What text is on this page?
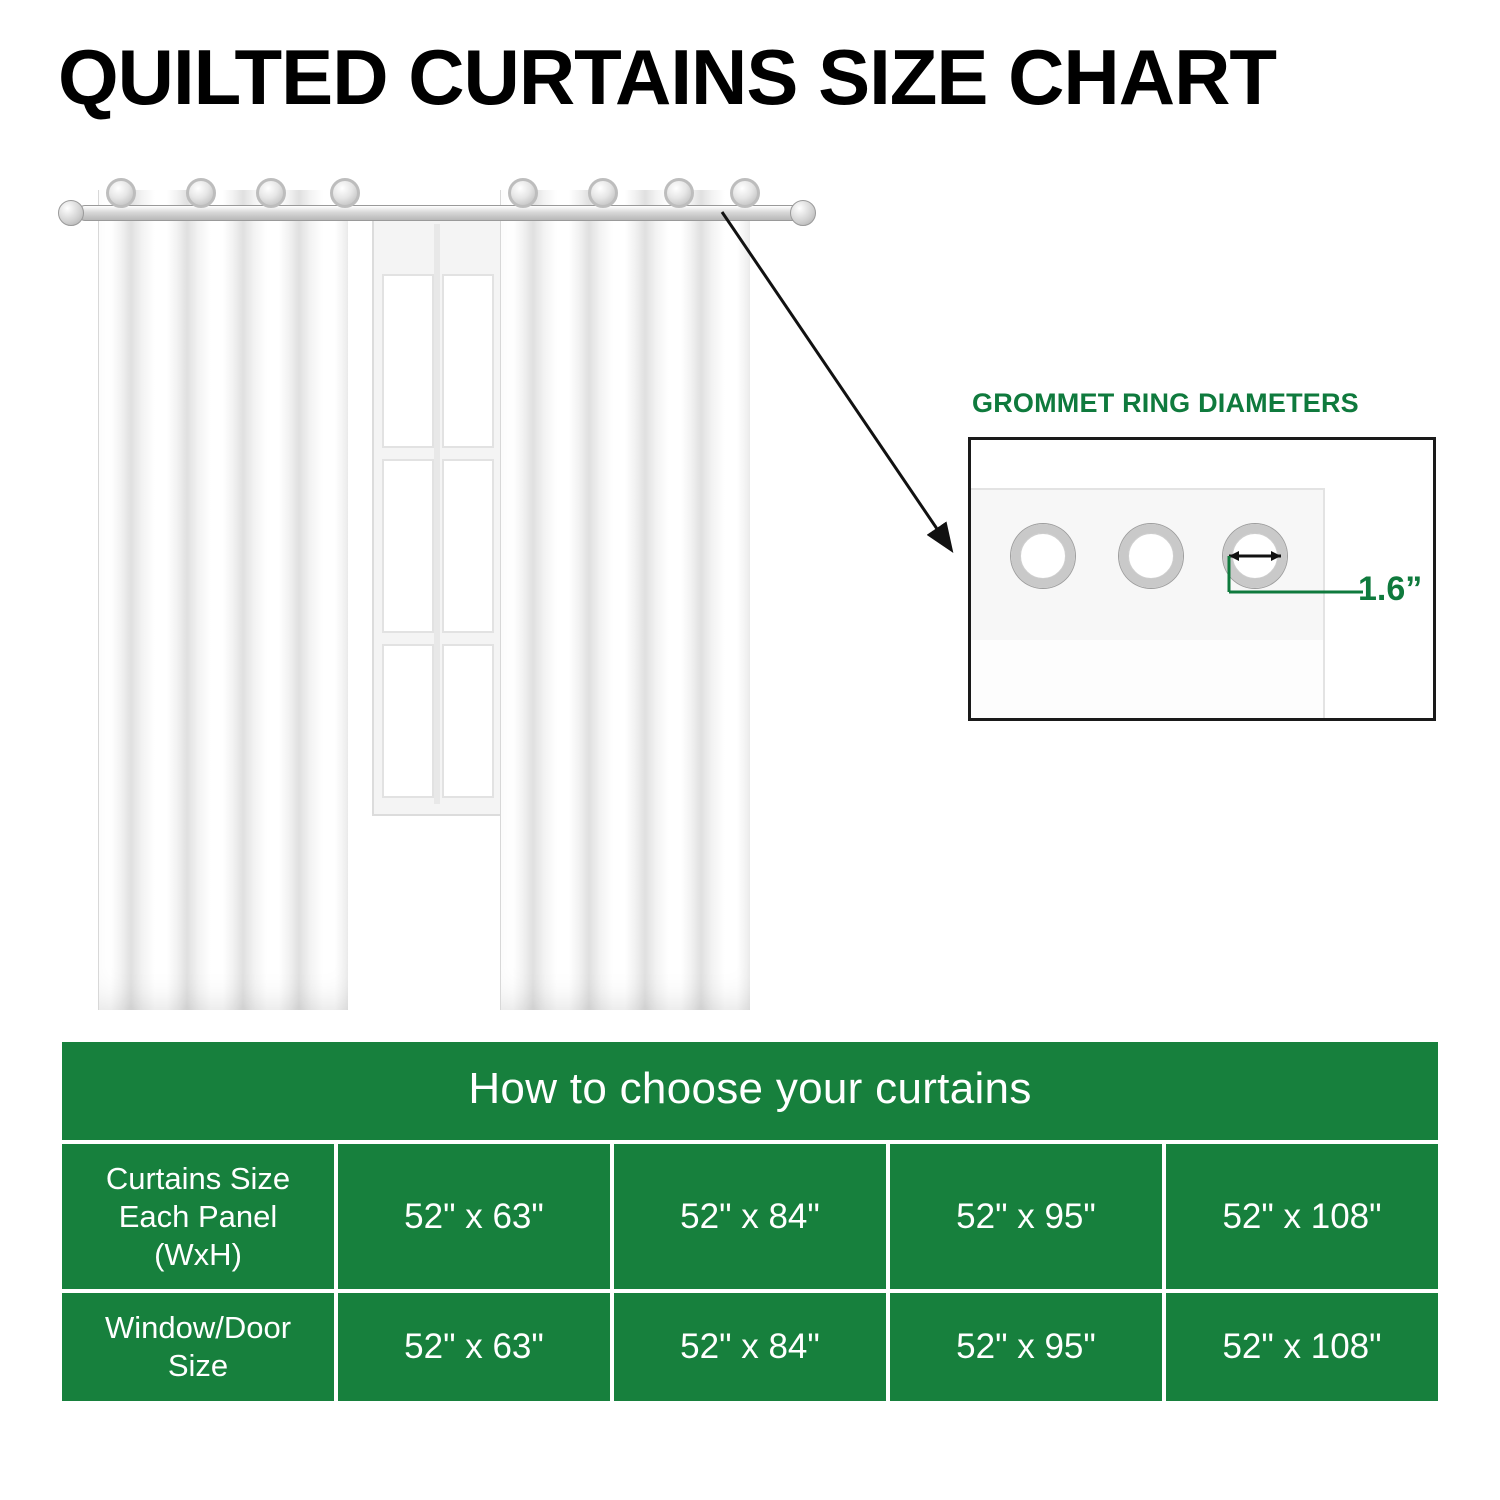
QUILTED CURTAINS SIZE CHART
GROMMET RING DIAMETERS
1.6”
How to choose your curtains				
Curtains Size Each Panel (WxH)	52" x 63"	52" x 84"	52" x 95"	52" x 108"
Window/Door Size	52" x 63"	52" x 84"	52" x 95"	52" x 108"
